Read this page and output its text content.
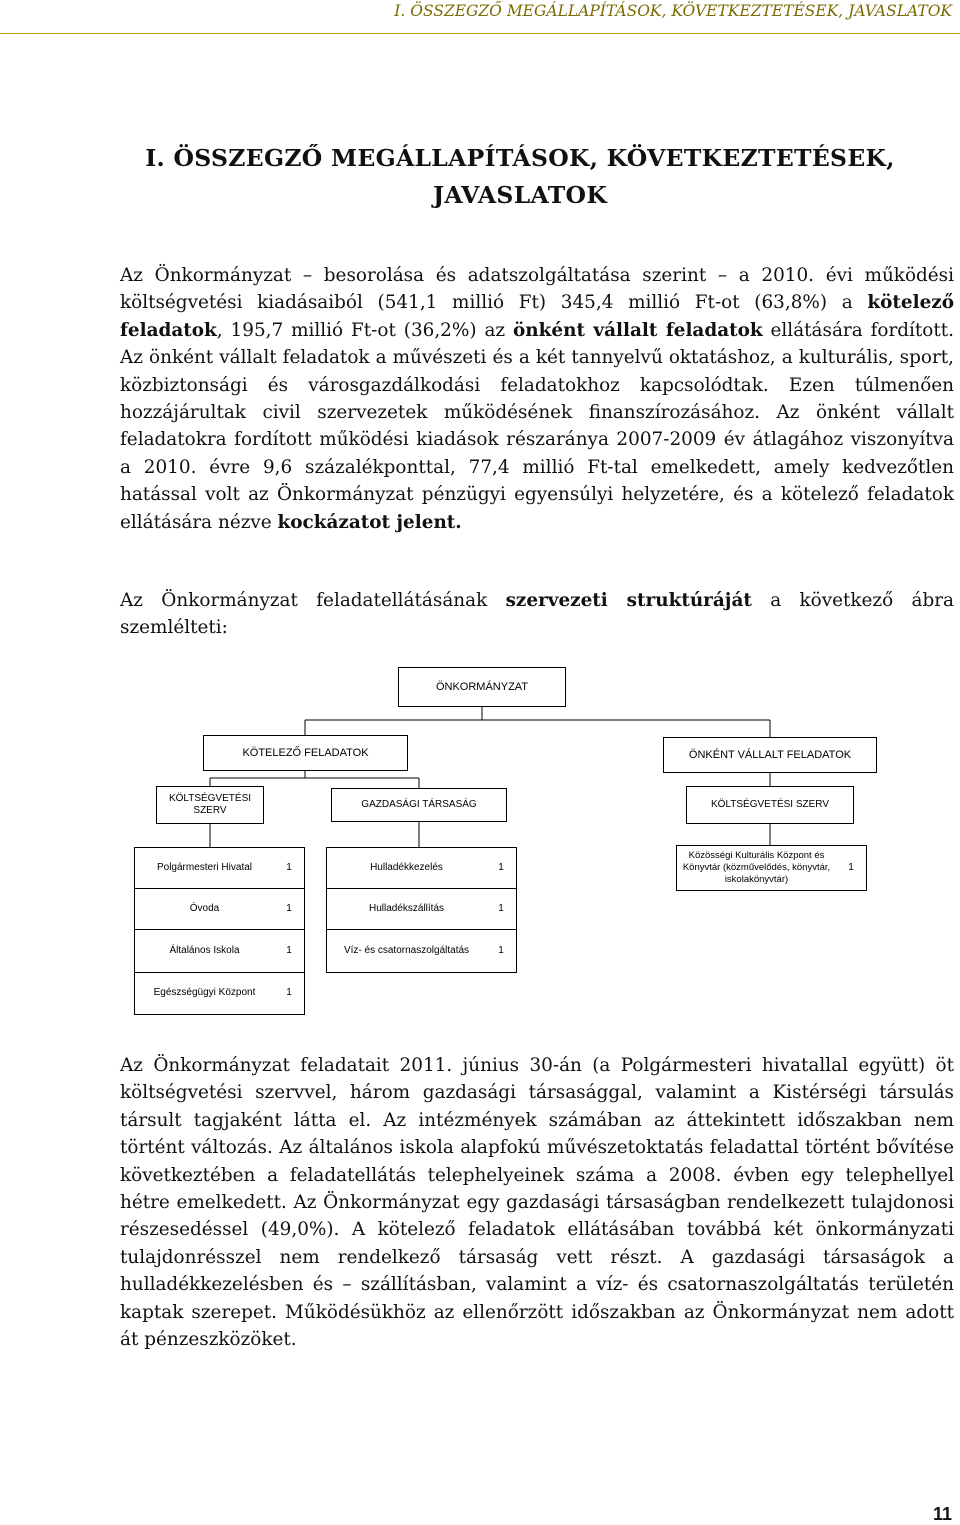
I. ÖSSZEGZŐ MEGÁLLAPÍTÁSOK, KÖVETKEZTETÉSEK, JAVASLATOK
I. ÖSSZEGZŐ MEGÁLLAPÍTÁSOK, KÖVETKEZTETÉSEK,
JAVASLATOK

Az Önkormányzat – besorolása és adatszolgáltatása szerint – a 2010. évi működési költségvetési kiadásaiból (541,1 millió Ft) 345,4 millió Ft-ot (63,8%) a kötelező feladatok, 195,7 millió Ft-ot (36,2%) az önként vállalt feladatok ellátására fordított. Az önként vállalt feladatok a művészeti és a két tannyelvű oktatáshoz, a kulturális, sport, közbiztonsági és városgazdálkodási feladatokhoz kapcsolódtak. Ezen túlmenően hozzájárultak civil szervezetek működésének finanszírozásához. Az önként vállalt feladatokra fordított működési kiadások részaránya 2007-2009 év átlagához viszonyítva a 2010. évre 9,6 százalékponttal, 77,4 millió Ft-tal emelkedett, amely kedvezőtlen hatással volt az Önkormányzat pénzügyi egyensúlyi helyzetére, és a kötelező feladatok ellátására nézve kockázatot jelent.

Az Önkormányzat feladatellátásának szervezeti struktúráját a következő ábra szemlélteti:

ÖNKORMÁNYZAT
KÖTELEZŐ FELADATOK	ÖNKÉNT VÁLLALT FELADATOK
KÖLTSÉGVETÉSI SZERV
GAZDASÁGI TÁRSASÁG	KÖLTSÉGVETÉSI SZERV
Polgármesteri Hivatal	1
Óvoda	1
Általános Iskola	1
Egészségügyi Központ	1
Hulladékkezelés	1
Hulladékszállítás	1
Víz- és csatornaszolgáltatás	1
Közösségi Kulturális Központ és Könyvtár (közművelődés, könyvtár, iskolakönyvtár)
1

Az Önkormányzat feladatait 2011. június 30-án (a Polgármesteri hivatallal együtt) öt költségvetési szervvel, három gazdasági társasággal, valamint a Kistérségi társulás társult tagjaként látta el. Az intézmények számában az áttekintett időszakban nem történt változás. Az általános iskola alapfokú művészetoktatás feladattal történt bővítése következtében a feladatellátás telephelyeinek száma a 2008. évben egy telephellyel hétre emelkedett. Az Önkormányzat egy gazdasági társaságban rendelkezett tulajdonosi részesedéssel (49,0%). A kötelező feladatok ellátásában továbbá két önkormányzati tulajdonrésszel nem rendelkező társaság vett részt. A gazdasági társaságok a hulladékkezelésben és – szállításban, valamint a víz- és csatornaszolgáltatás területén kaptak szerepet. Működésükhöz az ellenőrzött időszakban az Önkormányzat nem adott át pénzeszközöket.

11
